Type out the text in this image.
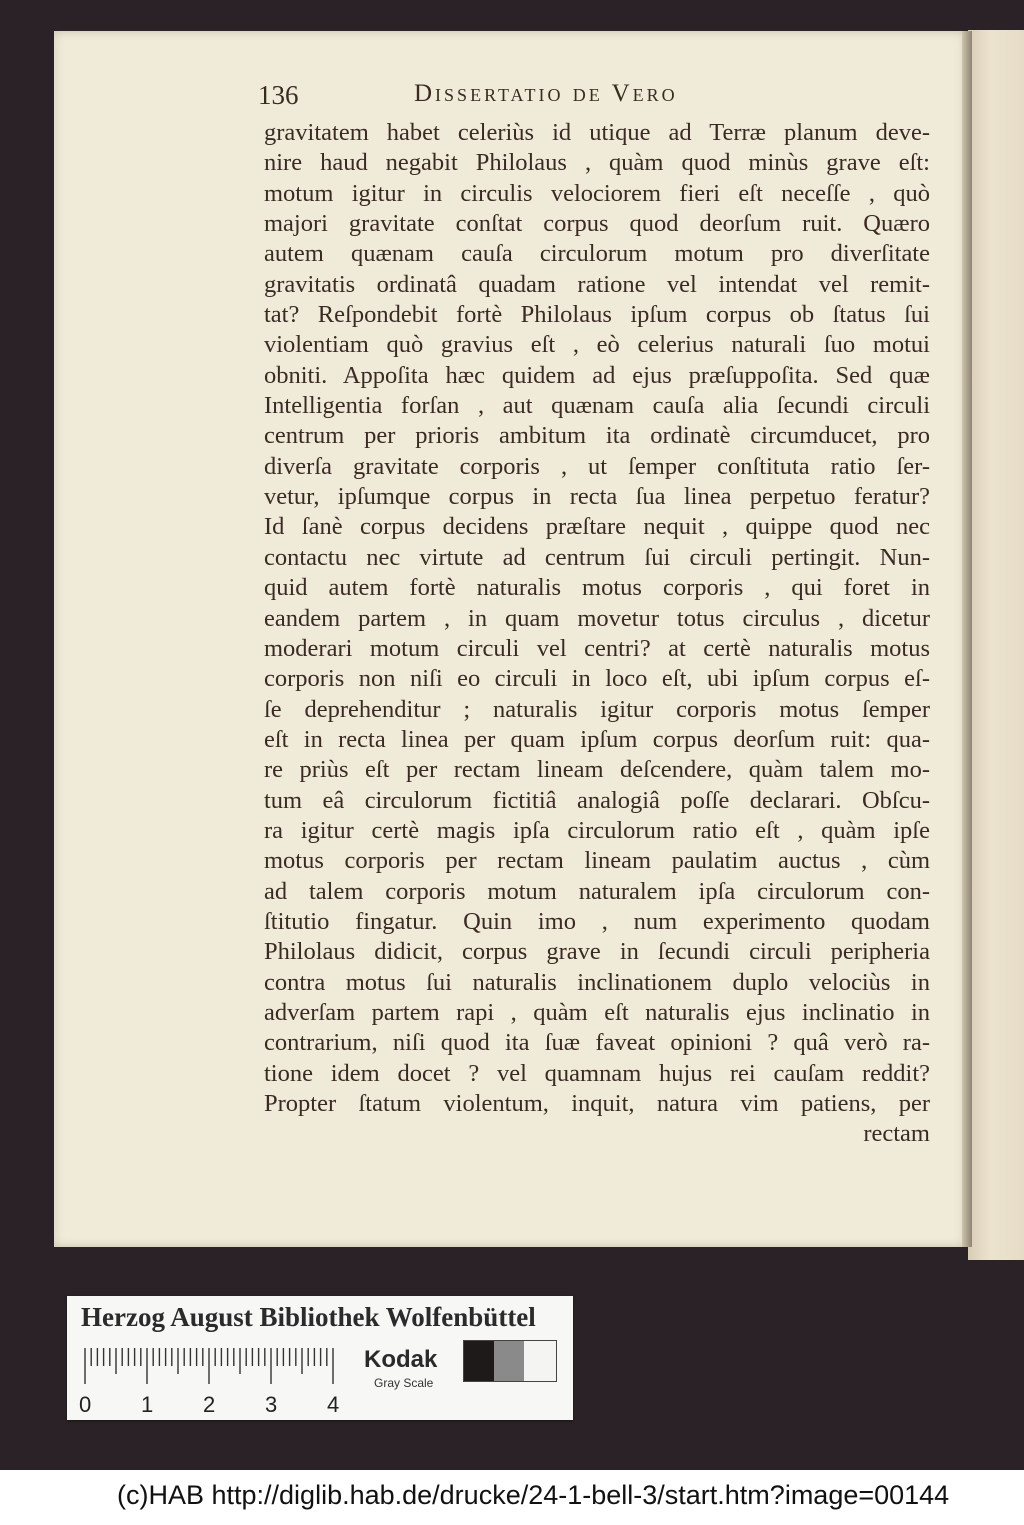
136	Dissertatio de Vero
gravitatem habet celeriùs id utique ad Terræ planum deve-
nire haud negabit Philolaus , quàm quod minùs grave eſt:
motum igitur in circulis velociorem fieri eſt neceſſe , quò
majori gravitate conſtat corpus quod deorſum ruit. Quæro
autem quænam cauſa circulorum motum pro diverſitate
gravitatis ordinatâ quadam ratione vel intendat vel remit-
tat? Reſpondebit fortè Philolaus ipſum corpus ob ſtatus ſui
violentiam quò gravius eſt , eò celerius naturali ſuo motui
obniti. Appoſita hæc quidem ad ejus præſuppoſita. Sed quæ
Intelligentia forſan , aut quænam cauſa alia ſecundi circuli
centrum per prioris ambitum ita ordinatè circumducet, pro
diverſa gravitate corporis , ut ſemper conſtituta ratio ſer-
vetur, ipſumque corpus in recta ſua linea perpetuo feratur?
Id ſanè corpus decidens præſtare nequit , quippe quod nec
contactu nec virtute ad centrum ſui circuli pertingit. Nun-
quid autem fortè naturalis motus corporis , qui foret in
eandem partem , in quam movetur totus circulus , dicetur
moderari motum circuli vel centri? at certè naturalis motus
corporis non niſi eo circuli in loco eſt, ubi ipſum corpus eſ-
ſe deprehenditur ; naturalis igitur corporis motus ſemper
eſt in recta linea per quam ipſum corpus deorſum ruit: qua-
re priùs eſt per rectam lineam deſcendere, quàm talem mo-
tum eâ circulorum fictitiâ analogiâ poſſe declarari. Obſcu-
ra igitur certè magis ipſa circulorum ratio eſt , quàm ipſe
motus corporis per rectam lineam paulatim auctus , cùm
ad talem corporis motum naturalem ipſa circulorum con-
ſtitutio fingatur. Quin imo , num experimento quodam
Philolaus didicit, corpus grave in ſecundi circuli peripheria
contra motus ſui naturalis inclinationem duplo velociùs in
adverſam partem rapi , quàm eſt naturalis ejus inclinatio in
contrarium, niſi quod ita ſuæ faveat opinioni ? quâ verò ra-
tione idem docet ? vel quamnam hujus rei cauſam reddit?
Propter ſtatum violentum, inquit, natura vim patiens, per
rectam
Herzog August Bibliothek Wolfenbüttel
0 1 2 3 4
Kodak
Gray Scale
(c)HAB http://diglib.hab.de/drucke/24-1-bell-3/start.htm?image=00144
